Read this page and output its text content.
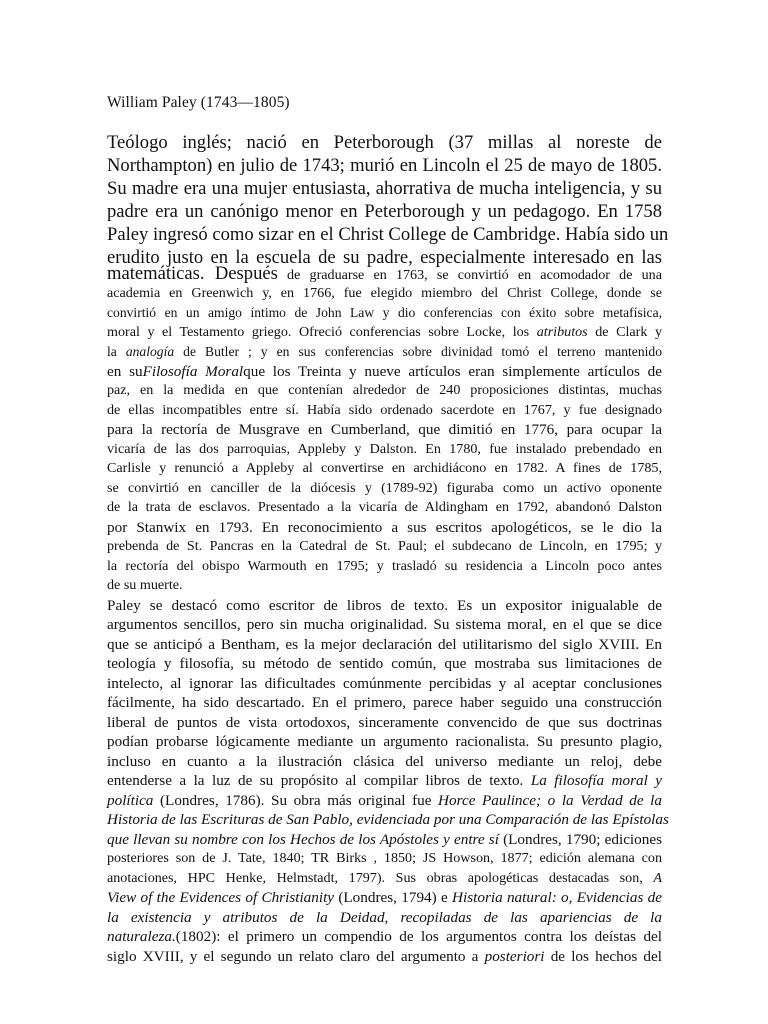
William Paley (1743—1805)
Teólogo inglés; nació en Peterborough (37 millas al noreste de
Northampton) en julio de 1743; murió en Lincoln el 25 de mayo de 1805.
Su madre era una mujer entusiasta, ahorrativa de mucha inteligencia, y su
padre era un canónigo menor en Peterborough y un pedagogo. En 1758
Paley ingresó como sizar en el Christ College de Cambridge. Había sido un
erudito justo en la escuela de su padre, especialmente interesado en las
matemáticas. Después de graduarse en 1763, se convirtió en acomodador de una
academia en Greenwich y, en 1766, fue elegido miembro del Christ College, donde se
convirtió en un amigo íntimo de John Law y dio conferencias con éxito sobre metafísica,
moral y el Testamento griego. Ofreció conferencias sobre Locke, los atributos de Clark y
la analogía de Butler ; y en sus conferencias sobre divinidad tomó el terreno mantenido
en suFilosofía Moralque los Treinta y nueve artículos eran simplemente artículos de
paz, en la medida en que contenían alrededor de 240 proposiciones distintas, muchas
de ellas incompatibles entre sí. Había sido ordenado sacerdote en 1767, y fue designado
para la rectoría de Musgrave en Cumberland, que dimitió en 1776, para ocupar la
vicaría de las dos parroquias, Appleby y Dalston. En 1780, fue instalado prebendado en
Carlisle y renunció a Appleby al convertirse en archidiácono en 1782. A fines de 1785,
se convirtió en canciller de la diócesis y (1789-92) figuraba como un activo oponente
de la trata de esclavos. Presentado a la vicaría de Aldingham en 1792, abandonó Dalston
por Stanwix en 1793. En reconocimiento a sus escritos apologéticos, se le dio la
prebenda de St. Pancras en la Catedral de St. Paul; el subdecano de Lincoln, en 1795; y
la rectoría del obispo Warmouth en 1795; y trasladó su residencia a Lincoln poco antes
de su muerte.
Paley se destacó como escritor de libros de texto. Es un expositor inigualable de
argumentos sencillos, pero sin mucha originalidad. Su sistema moral, en el que se dice
que se anticipó a Bentham, es la mejor declaración del utilitarismo del siglo XVIII. En
teología y filosofía, su método de sentido común, que mostraba sus limitaciones de
intelecto, al ignorar las dificultades comúnmente percibidas y al aceptar conclusiones
fácilmente, ha sido descartado. En el primero, parece haber seguido una construcción
liberal de puntos de vista ortodoxos, sinceramente convencido de que sus doctrinas
podían probarse lógicamente mediante un argumento racionalista. Su presunto plagio,
incluso en cuanto a la ilustración clásica del universo mediante un reloj, debe
entenderse a la luz de su propósito al compilar libros de texto. La filosofía moral y
política (Londres, 1786). Su obra más original fue Horce Paulince; o la Verdad de la
Historia de las Escrituras de San Pablo, evidenciada por una Comparación de las Epístolas
que llevan su nombre con los Hechos de los Apóstoles y entre sí (Londres, 1790; ediciones
posteriores son de J. Tate, 1840; TR Birks , 1850; JS Howson, 1877; edición alemana con
anotaciones, HPC Henke, Helmstadt, 1797). Sus obras apologéticas destacadas son, A
View of the Evidences of Christianity (Londres, 1794) e Historia natural: o, Evidencias de
la existencia y atributos de la Deidad, recopiladas de las apariencias de la
naturaleza.(1802): el primero un compendio de los argumentos contra los deístas del
siglo XVIII, y el segundo un relato claro del argumento a posteriori de los hechos del
